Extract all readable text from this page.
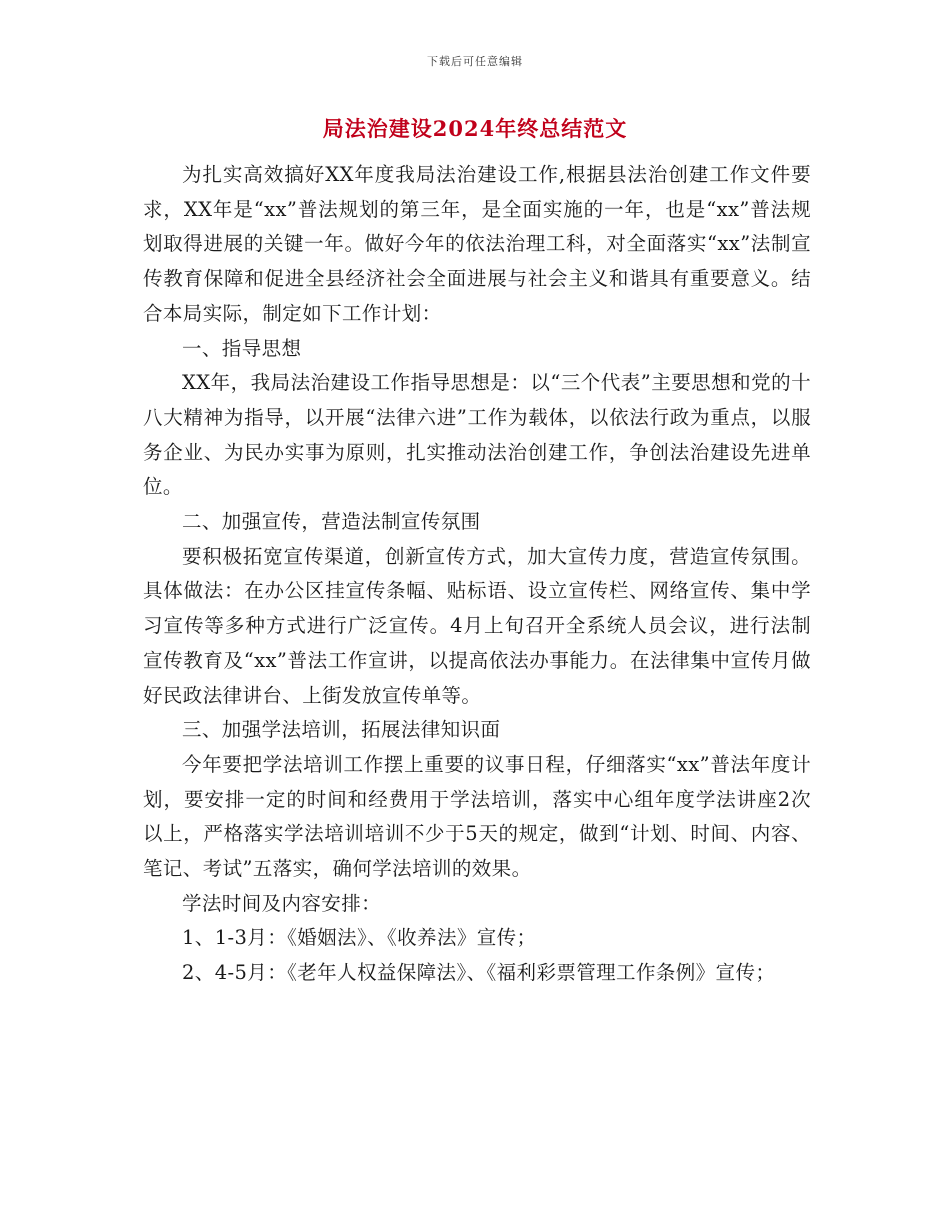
下载后可任意编辑
局法治建设2024年终总结范文

为扎实高效搞好XX年度我局法治建设工作,根据县法治创建工作文件要求，XX年是“xx”普法规划的第三年，是全面实施的一年，也是“xx”普法规划取得进展的关键一年。做好今年的依法治理工科，对全面落实“xx”法制宣传教育保障和促进全县经济社会全面进展与社会主义和谐具有重要意义。结合本局实际，制定如下工作计划：

一、指导思想

XX年，我局法治建设工作指导思想是：以“三个代表”主要思想和党的十八大精神为指导，以开展“法律六进”工作为载体，以依法行政为重点，以服务企业、为民办实事为原则，扎实推动法治创建工作，争创法治建设先进单位。

二、加强宣传，营造法制宣传氛围

要积极拓宽宣传渠道，创新宣传方式，加大宣传力度，营造宣传氛围。具体做法：在办公区挂宣传条幅、贴标语、设立宣传栏、网络宣传、集中学习宣传等多种方式进行广泛宣传。4月上旬召开全系统人员会议，进行法制宣传教育及“xx”普法工作宣讲，以提高依法办事能力。在法律集中宣传月做好民政法律讲台、上街发放宣传单等。

三、加强学法培训，拓展法律知识面

今年要把学法培训工作摆上重要的议事日程，仔细落实“xx”普法年度计划，要安排一定的时间和经费用于学法培训，落实中心组年度学法讲座2次以上，严格落实学法培训培训不少于5天的规定，做到“计划、时间、内容、笔记、考试”五落实，确何学法培训的效果。

学法时间及内容安排：

1、1-3月：《婚姻法》、《收养法》宣传；

2、4-5月：《老年人权益保障法》、《福利彩票管理工作条例》宣传；
